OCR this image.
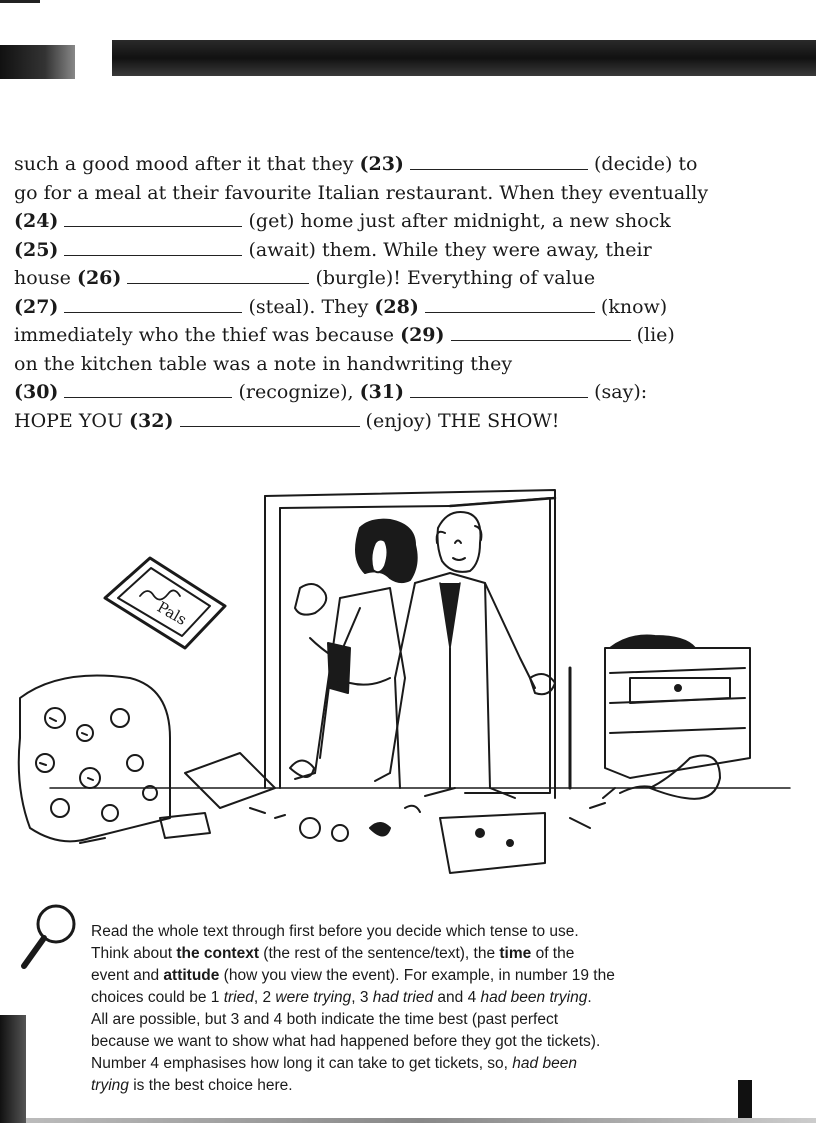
such a good mood after it that they (23)	(decide) to
go for a meal at their favourite Italian restaurant. When they eventually
(24)	(get) home just after midnight, a new shock
(25)	(await) them. While they were away, their
house (26)	(burgle)! Everything of value
(27)	(steal). They (28)	(know)
immediately who the thief was because (29)	(lie)
on the kitchen table was a note in handwriting they
(30)	(recognize), (31)	(say):
HOPE YOU (32)	(enjoy) THE SHOW!
Pals

Read the whole text through first before you decide which tense to use.

Think about the context (the rest of the sentence/text), the time of the

event and attitude (how you view the event). For example, in number 19 the

choices could be 1 tried, 2 were trying, 3 had tried and 4 had been trying.

All are possible, but 3 and 4 both indicate the time best (past perfect

because we want to show what had happened before they got the tickets).

Number 4 emphasises how long it can take to get tickets, so, had been

trying is the best choice here.
